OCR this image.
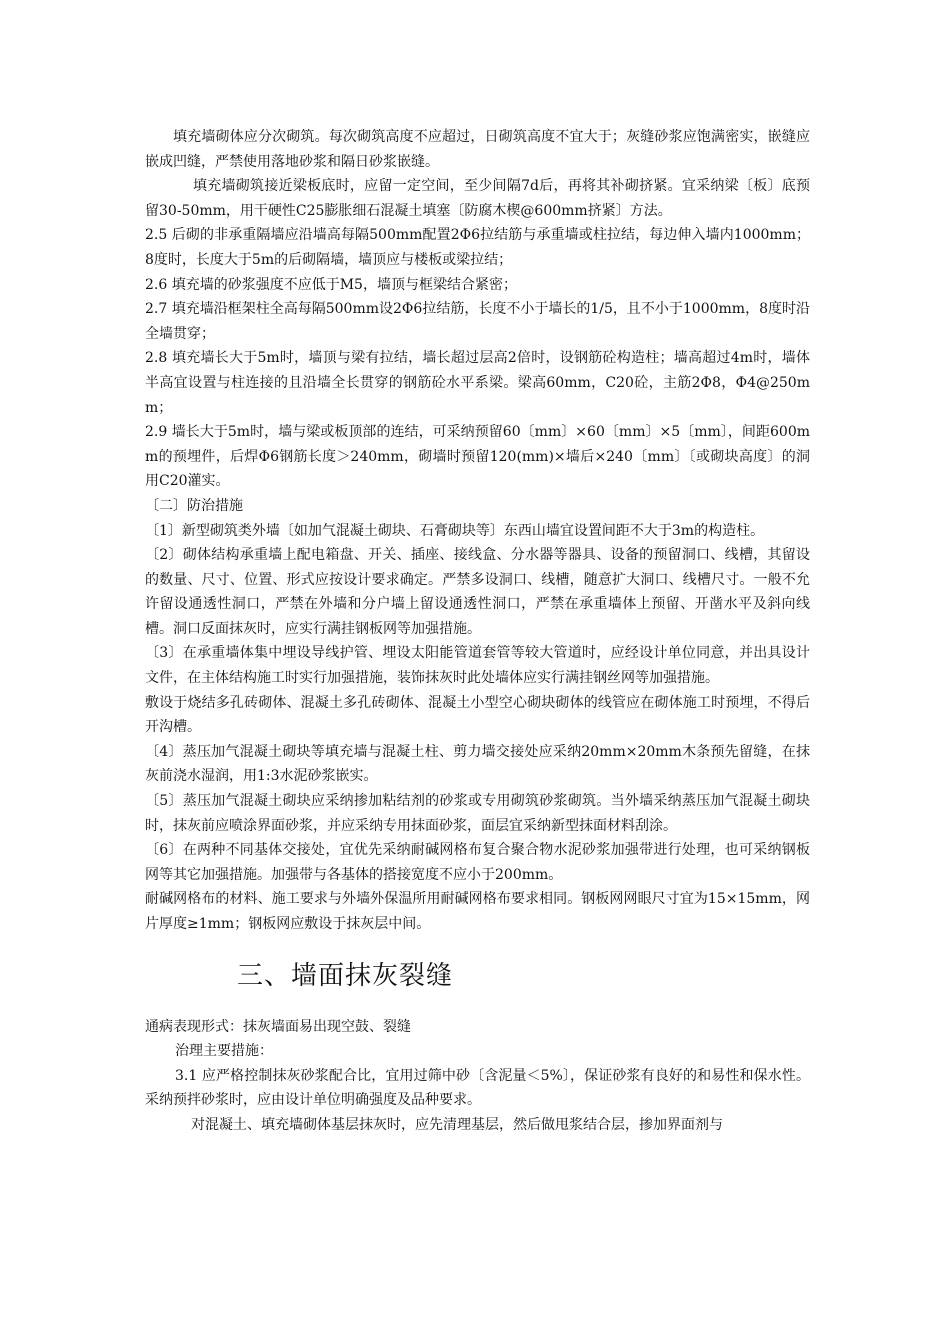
填充墙砌体应分次砌筑。每次砌筑高度不应超过，日砌筑高度不宜大于；灰缝砂浆应饱满密实，嵌缝应嵌成凹缝，严禁使用落地砂浆和隔日砂浆嵌缝。

填充墙砌筑接近梁板底时，应留一定空间，至少间隔7d后，再将其补砌挤紧。宜采纳梁〔板〕底预留30-50mm，用干硬性C25膨胀细石混凝土填塞〔防腐木楔@600mm挤紧〕方法。

2.5 后砌的非承重隔墙应沿墙高每隔500mm配置2Φ6拉结筋与承重墙或柱拉结，每边伸入墙内1000mm；8度时，长度大于5m的后砌隔墙，墙顶应与楼板或梁拉结；

2.6 填充墙的砂浆强度不应低于M5，墙顶与框梁结合紧密；

2.7 填充墙沿框架柱全高每隔500mm设2Φ6拉结筋，长度不小于墙长的1/5，且不小于1000mm，8度时沿全墙贯穿；

2.8 填充墙长大于5m时，墙顶与梁有拉结，墙长超过层高2倍时，设钢筋砼构造柱；墙高超过4m时，墙体半高宜设置与柱连接的且沿墙全长贯穿的钢筋砼水平系梁。梁高60mm，C20砼，主筋2Φ8，Φ4@250mm；

2.9 墙长大于5m时，墙与梁或板顶部的连结，可采纳预留60〔mm〕×60〔mm〕×5〔mm〕，间距600mm的预埋件，后焊Φ6钢筋长度＞240mm，砌墙时预留120(mm)×墙后×240〔mm〕〔或砌块高度〕的洞用C20灌实。

〔二〕防治措施

〔1〕新型砌筑类外墙〔如加气混凝土砌块、石膏砌块等〕东西山墙宜设置间距不大于3m的构造柱。

〔2〕砌体结构承重墙上配电箱盘、开关、插座、接线盒、分水器等器具、设备的预留洞口、线槽，其留设的数量、尺寸、位置、形式应按设计要求确定。严禁多设洞口、线槽，随意扩大洞口、线槽尺寸。一般不允许留设通透性洞口，严禁在外墙和分户墙上留设通透性洞口，严禁在承重墙体上预留、开凿水平及斜向线槽。洞口反面抹灰时，应实行满挂钢板网等加强措施。

〔3〕在承重墙体集中埋设导线护管、埋设太阳能管道套管等较大管道时，应经设计单位同意，并出具设计文件，在主体结构施工时实行加强措施，装饰抹灰时此处墙体应实行满挂钢丝网等加强措施。

敷设于烧结多孔砖砌体、混凝土多孔砖砌体、混凝土小型空心砌块砌体的线管应在砌体施工时预埋，不得后开沟槽。

〔4〕蒸压加气混凝土砌块等填充墙与混凝土柱、剪力墙交接处应采纳20mm×20mm木条预先留缝，在抹灰前浇水湿润，用1:3水泥砂浆嵌实。

〔5〕蒸压加气混凝土砌块应采纳掺加粘结剂的砂浆或专用砌筑砂浆砌筑。当外墙采纳蒸压加气混凝土砌块时，抹灰前应喷涂界面砂浆，并应采纳专用抹面砂浆，面层宜采纳新型抹面材料刮涂。

〔6〕在两种不同基体交接处，宜优先采纳耐碱网格布复合聚合物水泥砂浆加强带进行处理，也可采纳钢板网等其它加强措施。加强带与各基体的搭接宽度不应小于200mm。

耐碱网格布的材料、施工要求与外墙外保温所用耐碱网格布要求相同。钢板网网眼尺寸宜为15×15mm，网片厚度≥1mm；钢板网应敷设于抹灰层中间。

三、墙面抹灰裂缝

通病表现形式：抹灰墙面易出现空鼓、裂缝

治理主要措施：

3.1 应严格控制抹灰砂浆配合比，宜用过筛中砂〔含泥量＜5%〕，保证砂浆有良好的和易性和保水性。采纳预拌砂浆时，应由设计单位明确强度及品种要求。

对混凝土、填充墙砌体基层抹灰时，应先清理基层，然后做甩浆结合层，掺加界面剂与
